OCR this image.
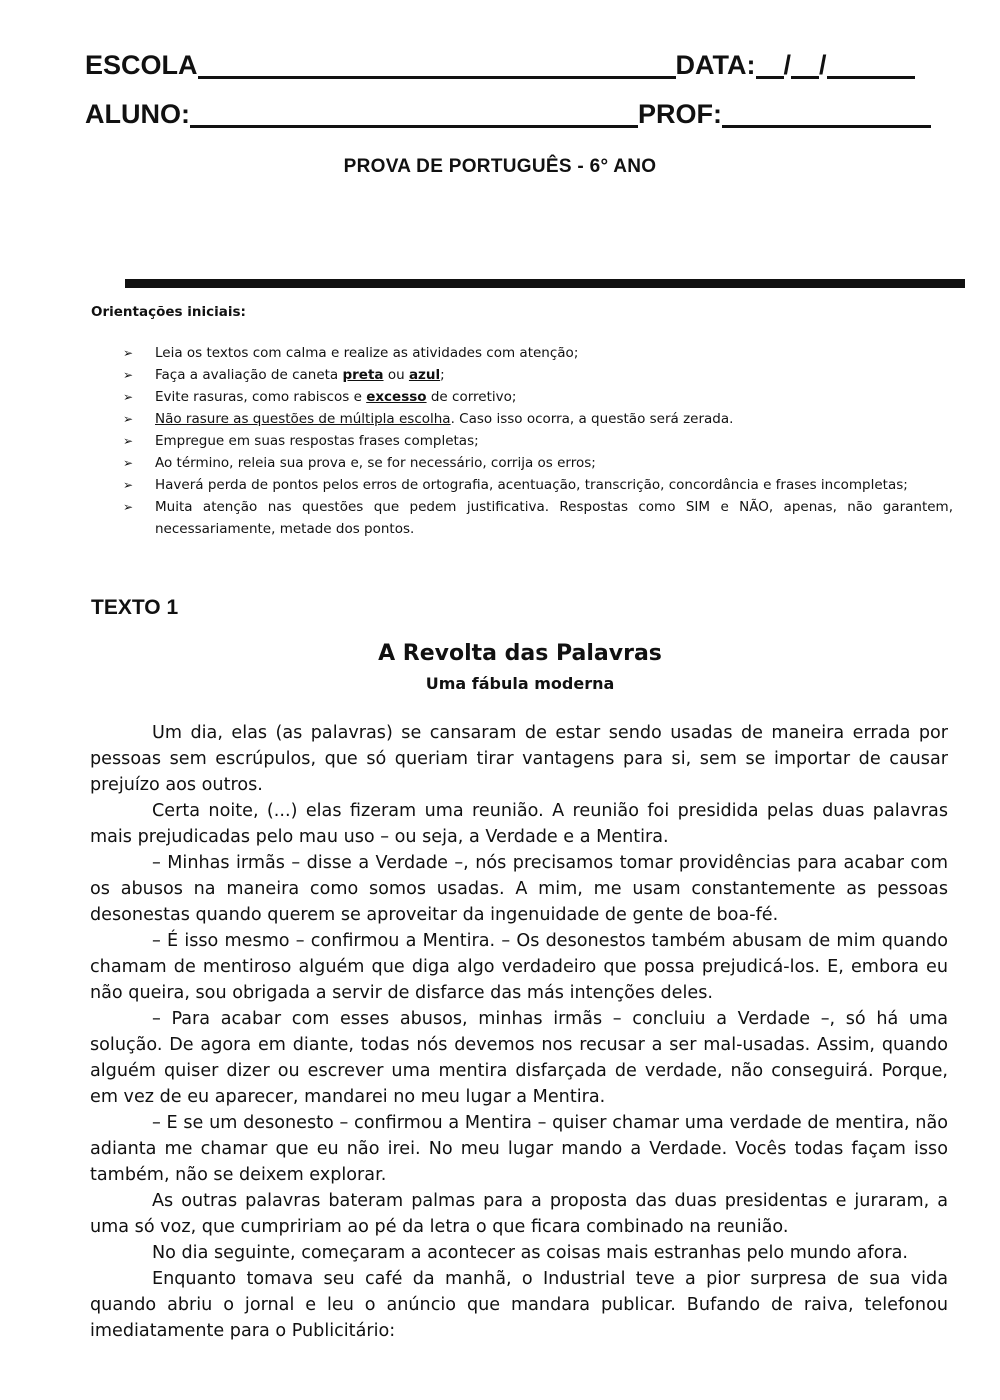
ESCOLA	DATA: / /
ALUNO:	PROF:
PROVA DE PORTUGUÊS - 6° ANO
Orientações iniciais:
➢	Leia os textos com calma e realize as atividades com atenção;
➢	Faça a avaliação de caneta preta ou azul;
➢	Evite rasuras, como rabiscos e excesso de corretivo;
➢	Não rasure as questões de múltipla escolha. Caso isso ocorra, a questão será zerada.
➢	Empregue em suas respostas frases completas;
➢	Ao término, releia sua prova e, se for necessário, corrija os erros;
➢	Haverá perda de pontos pelos erros de ortografia, acentuação, transcrição, concordância e frases incompletas;
➢	Muita atenção nas questões que pedem justificativa. Respostas como SIM e NÃO, apenas, não garantem, necessariamente, metade dos pontos.
TEXTO 1
A Revolta das Palavras
Uma fábula moderna

Um dia, elas (as palavras) se cansaram de estar sendo usadas de maneira errada por pessoas sem escrúpulos, que só queriam tirar vantagens para si, sem se importar de causar prejuízo aos outros.

Certa noite, (...) elas fizeram uma reunião. A reunião foi presidida pelas duas palavras mais prejudicadas pelo mau uso – ou seja, a Verdade e a Mentira.

– Minhas irmãs – disse a Verdade –, nós precisamos tomar providências para acabar com os abusos na maneira como somos usadas. A mim, me usam constantemente as pessoas desonestas quando querem se aproveitar da ingenuidade de gente de boa-fé.

– É isso mesmo – confirmou a Mentira. – Os desonestos também abusam de mim quando chamam de mentiroso alguém que diga algo verdadeiro que possa prejudicá-los. E, embora eu não queira, sou obrigada a servir de disfarce das más intenções deles.

– Para acabar com esses abusos, minhas irmãs – concluiu a Verdade –, só há uma solução. De agora em diante, todas nós devemos nos recusar a ser mal-usadas. Assim, quando alguém quiser dizer ou escrever uma mentira disfarçada de verdade, não conseguirá. Porque, em vez de eu aparecer, mandarei no meu lugar a Mentira.

– E se um desonesto – confirmou a Mentira – quiser chamar uma verdade de mentira, não adianta me chamar que eu não irei. No meu lugar mando a Verdade. Vocês todas façam isso também, não se deixem explorar.

As outras palavras bateram palmas para a proposta das duas presidentas e juraram, a uma só voz, que cumpririam ao pé da letra o que ficara combinado na reunião.

No dia seguinte, começaram a acontecer as coisas mais estranhas pelo mundo afora.

Enquanto tomava seu café da manhã, o Industrial teve a pior surpresa de sua vida quando abriu o jornal e leu o anúncio que mandara publicar. Bufando de raiva, telefonou imediatamente para o Publicitário:
